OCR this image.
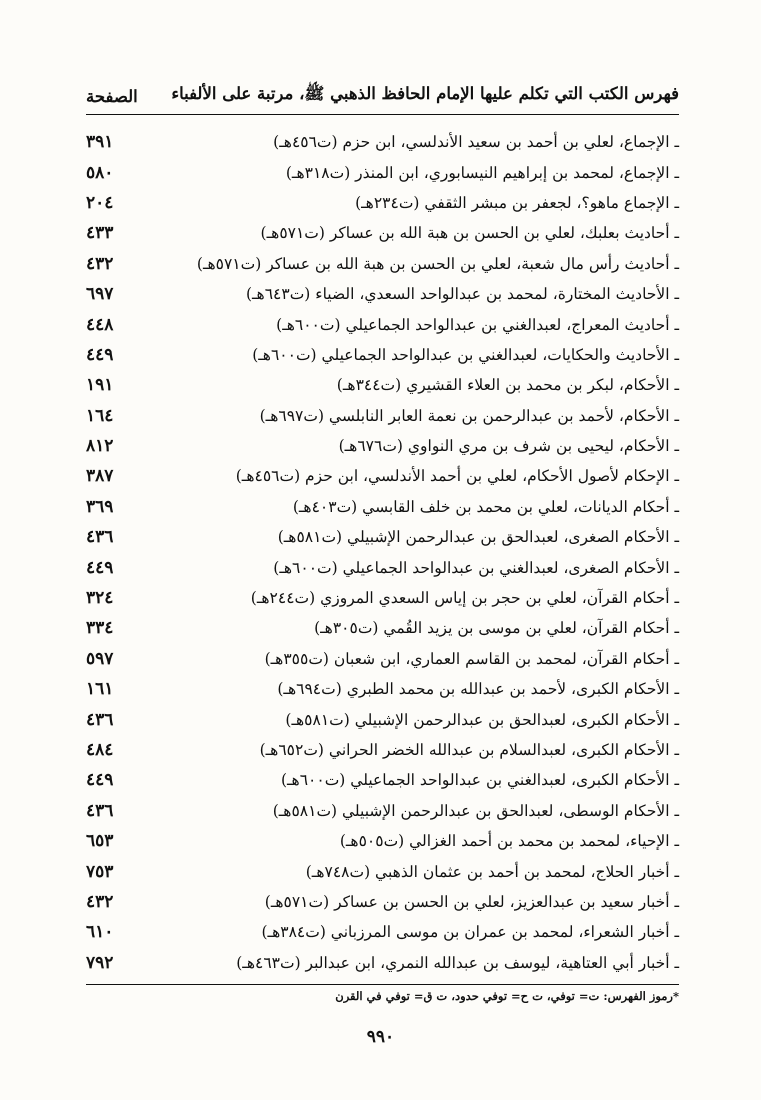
فهرس الكتب التي تكلم عليها الإمام الحافظ الذهبي ﷺ، مرتبة على الألفباء
الصفحة
ـ الإجماع، لعلي بن أحمد بن سعيد الأندلسي، ابن حزم (ت٤٥٦هـ)
٣٩١
ـ الإجماع، لمحمد بن إبراهيم النيسابوري، ابن المنذر (ت٣١٨هـ)
٥٨٠
ـ الإجماع ماهو؟، لجعفر بن مبشر الثقفي (ت٢٣٤هـ)
٢٠٤
ـ أحاديث بعلبك، لعلي بن الحسن بن هبة الله بن عساكر (ت٥٧١هـ)
٤٣٣
ـ أحاديث رأس مال شعبة، لعلي بن الحسن بن هبة الله بن عساكر (ت٥٧١هـ)
٤٣٢
ـ الأحاديث المختارة، لمحمد بن عبدالواحد السعدي، الضياء (ت٦٤٣هـ)
٦٩٧
ـ أحاديث المعراج، لعبدالغني بن عبدالواحد الجماعيلي (ت٦٠٠هـ)
٤٤٨
ـ الأحاديث والحكايات، لعبدالغني بن عبدالواحد الجماعيلي (ت٦٠٠هـ)
٤٤٩
ـ الأحكام، لبكر بن محمد بن العلاء القشيري (ت٣٤٤هـ)
١٩١
ـ الأحكام، لأحمد بن عبدالرحمن بن نعمة العابر النابلسي (ت٦٩٧هـ)
١٦٤
ـ الأحكام، ليحيى بن شرف بن مري النواوي (ت٦٧٦هـ)
٨١٢
ـ الإحكام لأصول الأحكام، لعلي بن أحمد الأندلسي، ابن حزم (ت٤٥٦هـ)
٣٨٧
ـ أحكام الديانات، لعلي بن محمد بن خلف القابسي (ت٤٠٣هـ)
٣٦٩
ـ الأحكام الصغرى، لعبدالحق بن عبدالرحمن الإشبيلي (ت٥٨١هـ)
٤٣٦
ـ الأحكام الصغرى، لعبدالغني بن عبدالواحد الجماعيلي (ت٦٠٠هـ)
٤٤٩
ـ أحكام القرآن، لعلي بن حجر بن إياس السعدي المروزي (ت٢٤٤هـ)
٣٢٤
ـ أحكام القرآن، لعلي بن موسى بن يزيد القُمي (ت٣٠٥هـ)
٣٣٤
ـ أحكام القرآن، لمحمد بن القاسم العماري، ابن شعبان (ت٣٥٥هـ)
٥٩٧
ـ الأحكام الكبرى، لأحمد بن عبدالله بن محمد الطبري (ت٦٩٤هـ)
١٦١
ـ الأحكام الكبرى، لعبدالحق بن عبدالرحمن الإشبيلي (ت٥٨١هـ)
٤٣٦
ـ الأحكام الكبرى، لعبدالسلام بن عبدالله الخضر الحراني (ت٦٥٢هـ)
٤٨٤
ـ الأحكام الكبرى، لعبدالغني بن عبدالواحد الجماعيلي (ت٦٠٠هـ)
٤٤٩
ـ الأحكام الوسطى، لعبدالحق بن عبدالرحمن الإشبيلي (ت٥٨١هـ)
٤٣٦
ـ الإحياء، لمحمد بن محمد بن أحمد الغزالي (ت٥٠٥هـ)
٦٥٣
ـ أخبار الحلاج، لمحمد بن أحمد بن عثمان الذهبي (ت٧٤٨هـ)
٧٥٣
ـ أخبار سعيد بن عبدالعزيز، لعلي بن الحسن بن عساكر (ت٥٧١هـ)
٤٣٢
ـ أخبار الشعراء، لمحمد بن عمران بن موسى المرزباني (ت٣٨٤هـ)
٦١٠
ـ أخبار أبي العتاهية، ليوسف بن عبدالله النمري، ابن عبدالبر (ت٤٦٣هـ)
٧٩٢
*رموز الفهرس: ت= توفي، ت ح= توفي حدود، ت ق= توفي في القرن
٩٩٠
